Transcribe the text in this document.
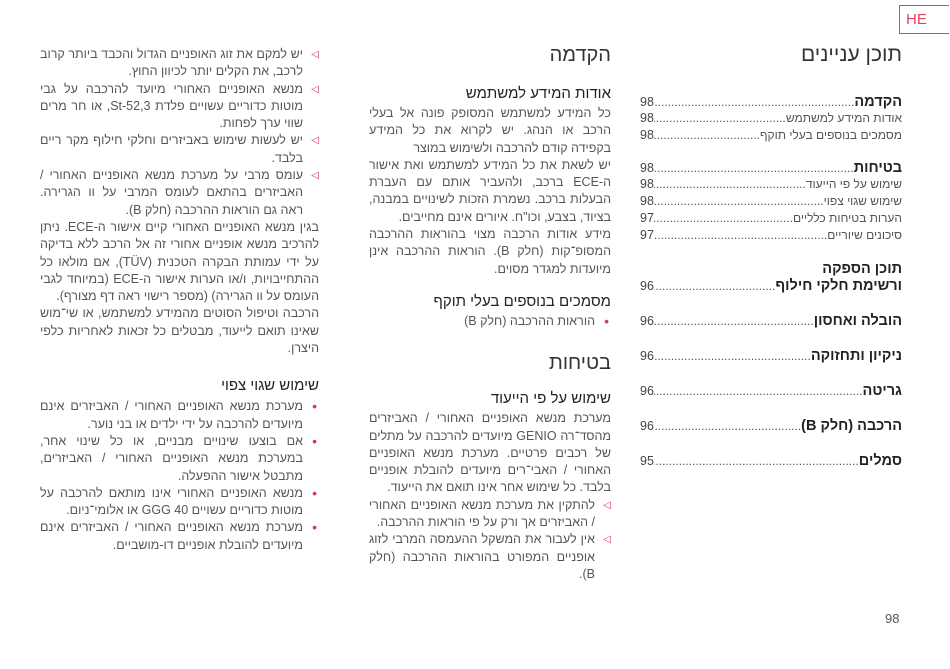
HE
תוכן עניינים
הקדמה
.....
98
אודות המידע למשתמש
.....
98
מסמכים בנוספים בעלי תוקף
.....
98
בטיחות
.....
98
שימוש על פי הייעוד
.....
98
שימוש שגוי צפוי
.....
98
הערות בטיחות כלליים
.....
97
סיכונים שיוריים
.....
97
תוכן הספקה
ורשימת חלקי חילוף
.....
96
הובלה ואחסון
.....
96
ניקיון ותחזוקה
.....
96
גריטה
.....
96
הרכבה (חלק B)
.....
96
סמלים
.....
95
הקדמה
אודות המידע למשתמש

כל המידע למשתמש המסופק פונה אל בעלי הרכב או הנהג. יש לקרוא את כל המידע בקפידה קודם להרכבה ולשימוש במוצר

יש לשאת את כל המידע למשתמש ואת אישור ה-ECE ברכב, ולהעביר אותם עם העברת הבעלות ברכב. נשמרת הזכות לשינויים במבנה, בציוד, בצבע, וכו"ח. איורים אינם מחייבים.

מידע אודות הרכבה מצוי בהוראות ההרכבה המסופ־קות (חלק B). הוראות ההרכבה אינן מיועדות למגדר מסוים.

מסמכים בנוספים בעלי תוקף
•
הוראות ההרכבה (חלק B)
בטיחות
שימוש על פי הייעוד

מערכת מנשא האופניים האחורי / האביזרים מהסד־רה GENIO מיועדים להרכבה על מתלים של רכבים פרטיים. מערכת מנשא האופניים האחורי / האבי־רים מיועדים להובלת אופניים בלבד. כל שימוש אחר אינו תואם את הייעוד.

◁
להתקין את מערכת מנשא האופניים האחורי / האביזרים אך ורק על פי הוראות ההרכבה.
◁
אין לעבור את המשקל ההעמסה המרבי לזוג אופניים המפורט בהוראות ההרכבה (חלק B).
◁
יש למקם את זוג האופניים הגדול והכבד ביותר קרוב לרכב, את הקלים יותר לכיוון החוץ.
◁
מנשא האופניים האחורי מיועד להרכבה על גבי מוטות כדוריים עשויים פלדת St-52,3, או חר מרים שווי ערך לפחות.
◁
יש לעשות שימוש באביזרים וחלקי חילוף מקר ריים בלבד.
◁
עומס מרבי על מערכת מנשא האופניים האחורי / האביזרים בהתאם לעומס המרבי על וו הגרירה. ראה גם הוראות ההרכבה (חלק B).

בגין מנשא האופניים האחורי קיים אישור ה-ECE. ניתן להרכיב מנשא אופניים אחורי זה אל הרכב ללא בדיקה על ידי עמותת הבקרה הטכנית (TÜV), אם מולאו כל ההתחייבויות, ו/או הערות אישור ה-ECE (במיוחד לגבי העומס על וו הגרירה) (מספר רישוי ראה דף מצורף).

הרכבה וטיפול הסוטים מהמידע למשתמש, או שי־מוש שאינו תואם לייעוד, מבטלים כל זכאות לאחריות כלפי היצרן.

שימוש שגוי צפוי
•
מערכת מנשא האופניים האחורי / האביזרים אינם מיועדים להרכבה על ידי ילדים או בני נוער.
•
אם בוצעו שינויים מבניים, או כל שינוי אחר, במערכת מנשא האופניים האחורי / האביזרים, מתבטל אישור ההפעלה.
•
מנשא האופניים האחורי אינו מותאם להרכבה על מוטות כדוריים עשויים GGG 40 או אלומי־ניום.
•
מערכת מנשא האופניים האחורי / האביזרים אינם מיועדים להובלת אופניים דו-מושביים.
98
